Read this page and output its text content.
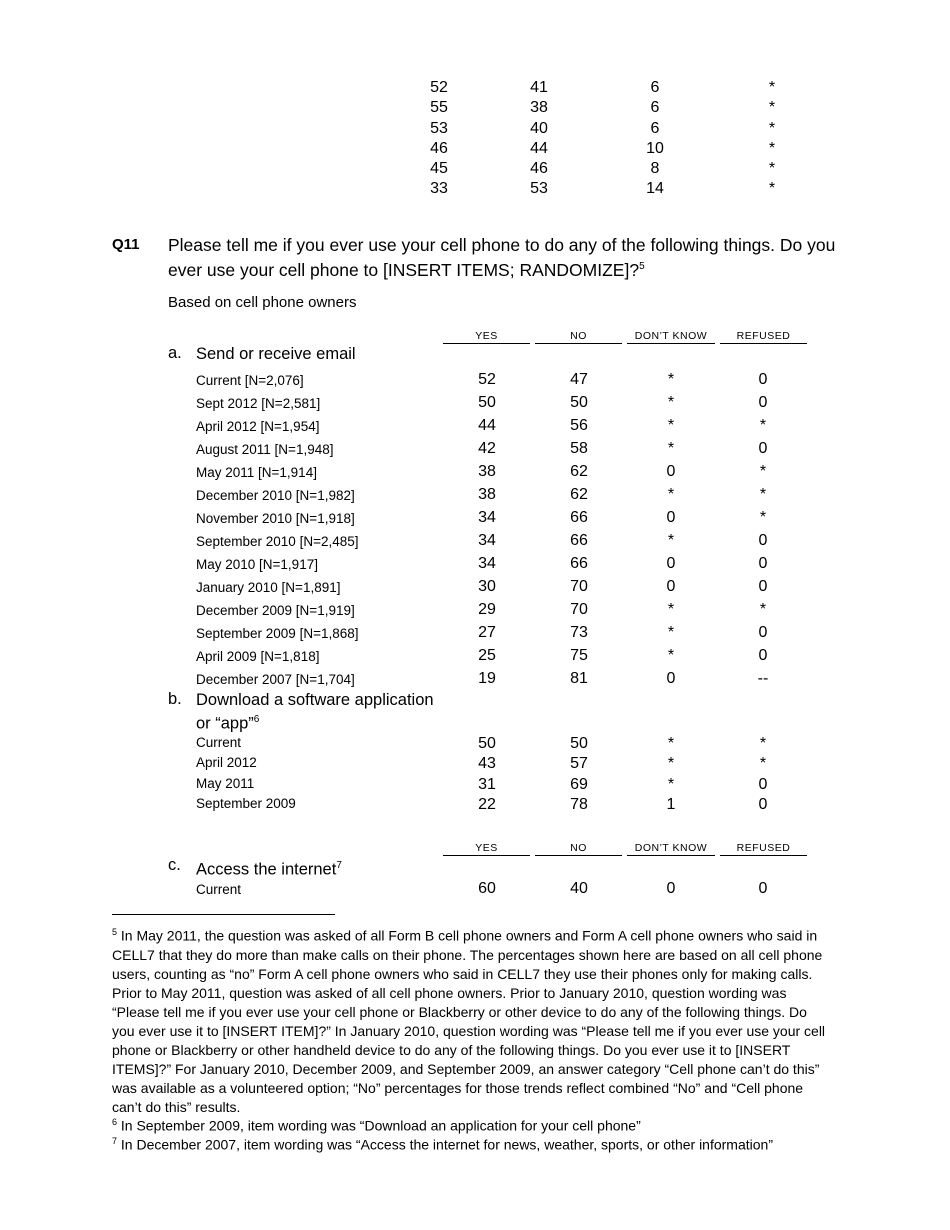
52	41	6	*
55	38	6	*
53	40	6	*
46	44	10	*
45	46	8	*
33	53	14	*
Q11 Please tell me if you ever use your cell phone to do any of the following things. Do you
ever use your cell phone to [INSERT ITEMS; RANDOMIZE]?$^5$
Based on cell phone owners
YES	NO	DON’T KNOW	REFUSED
a. Send or receive email
Current [N=2,076]	52	47	*	0
Sept 2012 [N=2,581]	50	50	*	0
April 2012 [N=1,954]	44	56	*	*
August 2011 [N=1,948]	42	58	*	0
May 2011 [N=1,914]	38	62	0	*
December 2010 [N=1,982]	38	62	*	*
November 2010 [N=1,918]	34	66	0	*
September 2010 [N=2,485]	34	66	*	0
May 2010 [N=1,917]	34	66	0	0
January 2010 [N=1,891]	30	70	0	0
December 2009 [N=1,919]	29	70	*	*
September 2009 [N=1,868]	27	73	*	0
April 2009 [N=1,818]	25	75	*	0
December 2007 [N=1,704]	19	81	0	--
b. Download a software application
or “app”$^6$
Current	50	50	*	*
April 2012	43	57	*	*
May 2011	31	69	*	0
September 2009	22	78	1	0
YES	NO	DON’T KNOW	REFUSED
c. Access the internet$^7$
Current	60	40	0	0
$^5$ In May 2011, the question was asked of all Form B cell phone owners and Form A cell phone owners who said in CELL7 that they do more than make calls on their phone. The percentages shown here are based on all cell phone users, counting as “no” Form A cell phone owners who said in CELL7 they use their phones only for making calls. Prior to May 2011, question was asked of all cell phone owners. Prior to January 2010, question wording was “Please tell me if you ever use your cell phone or Blackberry or other device to do any of the following things. Do you ever use it to [INSERT ITEM]?” In January 2010, question wording was “Please tell me if you ever use your cell phone or Blackberry or other handheld device to do any of the following things. Do you ever use it to [INSERT ITEMS]?” For January 2010, December 2009, and September 2009, an answer category “Cell phone can’t do this” was available as a volunteered option; “No” percentages for those trends reflect combined “No” and “Cell phone can’t do this” results.
$^6$ In September 2009, item wording was “Download an application for your cell phone”
$^7$ In December 2007, item wording was “Access the internet for news, weather, sports, or other information”
